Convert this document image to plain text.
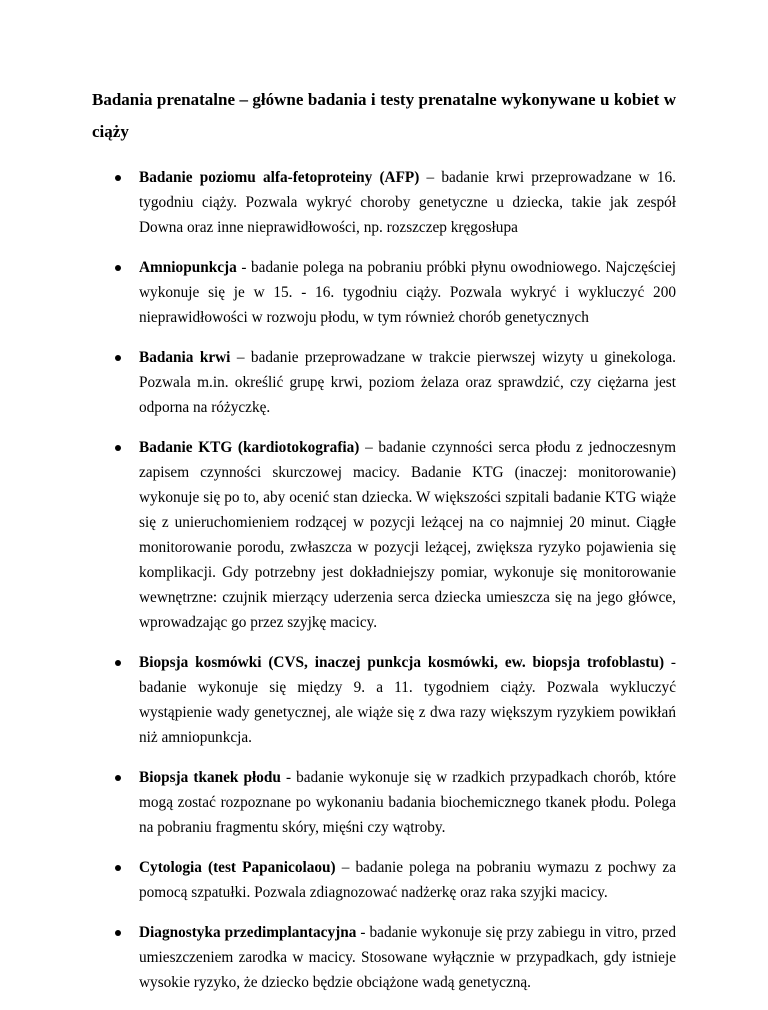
Badania prenatalne – główne badania i testy prenatalne wykonywane u kobiet w ciąży
Badanie poziomu alfa-fetoproteiny (AFP) – badanie krwi przeprowadzane w 16. tygodniu ciąży. Pozwala wykryć choroby genetyczne u dziecka, takie jak zespół Downa oraz inne nieprawidłowości, np. rozszczep kręgosłupa
Amniopunkcja - badanie polega na pobraniu próbki płynu owodniowego. Najczęściej wykonuje się je w 15. - 16. tygodniu ciąży. Pozwala wykryć i wykluczyć 200 nieprawidłowości w rozwoju płodu, w tym również chorób genetycznych
Badania krwi – badanie przeprowadzane w trakcie pierwszej wizyty u ginekologa. Pozwala m.in. określić grupę krwi, poziom żelaza oraz sprawdzić, czy ciężarna jest odporna na różyczkę.
Badanie KTG (kardiotokografia) – badanie czynności serca płodu z jednoczesnym zapisem czynności skurczowej macicy. Badanie KTG (inaczej: monitorowanie) wykonuje się po to, aby ocenić stan dziecka. W większości szpitali badanie KTG wiąże się z unieruchomieniem rodzącej w pozycji leżącej na co najmniej 20 minut. Ciągłe monitorowanie porodu, zwłaszcza w pozycji leżącej, zwiększa ryzyko pojawienia się komplikacji. Gdy potrzebny jest dokładniejszy pomiar, wykonuje się monitorowanie wewnętrzne: czujnik mierzący uderzenia serca dziecka umieszcza się na jego główce, wprowadzając go przez szyjkę macicy.
Biopsja kosmówki (CVS, inaczej punkcja kosmówki, ew. biopsja trofoblastu) - badanie wykonuje się między 9. a 11. tygodniem ciąży. Pozwala wykluczyć wystąpienie wady genetycznej, ale wiąże się z dwa razy większym ryzykiem powikłań niż amniopunkcja.
Biopsja tkanek płodu - badanie wykonuje się w rzadkich przypadkach chorób, które mogą zostać rozpoznane po wykonaniu badania biochemicznego tkanek płodu. Polega na pobraniu fragmentu skóry, mięśni czy wątroby.
Cytologia (test Papanicolaou) – badanie polega na pobraniu wymazu z pochwy za pomocą szpatułki. Pozwala zdiagnozować nadżerkę oraz raka szyjki macicy.
Diagnostyka przedimplantacyjna - badanie wykonuje się przy zabiegu in vitro, przed umieszczeniem zarodka w macicy. Stosowane wyłącznie w przypadkach, gdy istnieje wysokie ryzyko, że dziecko będzie obciążone wadą genetyczną.
